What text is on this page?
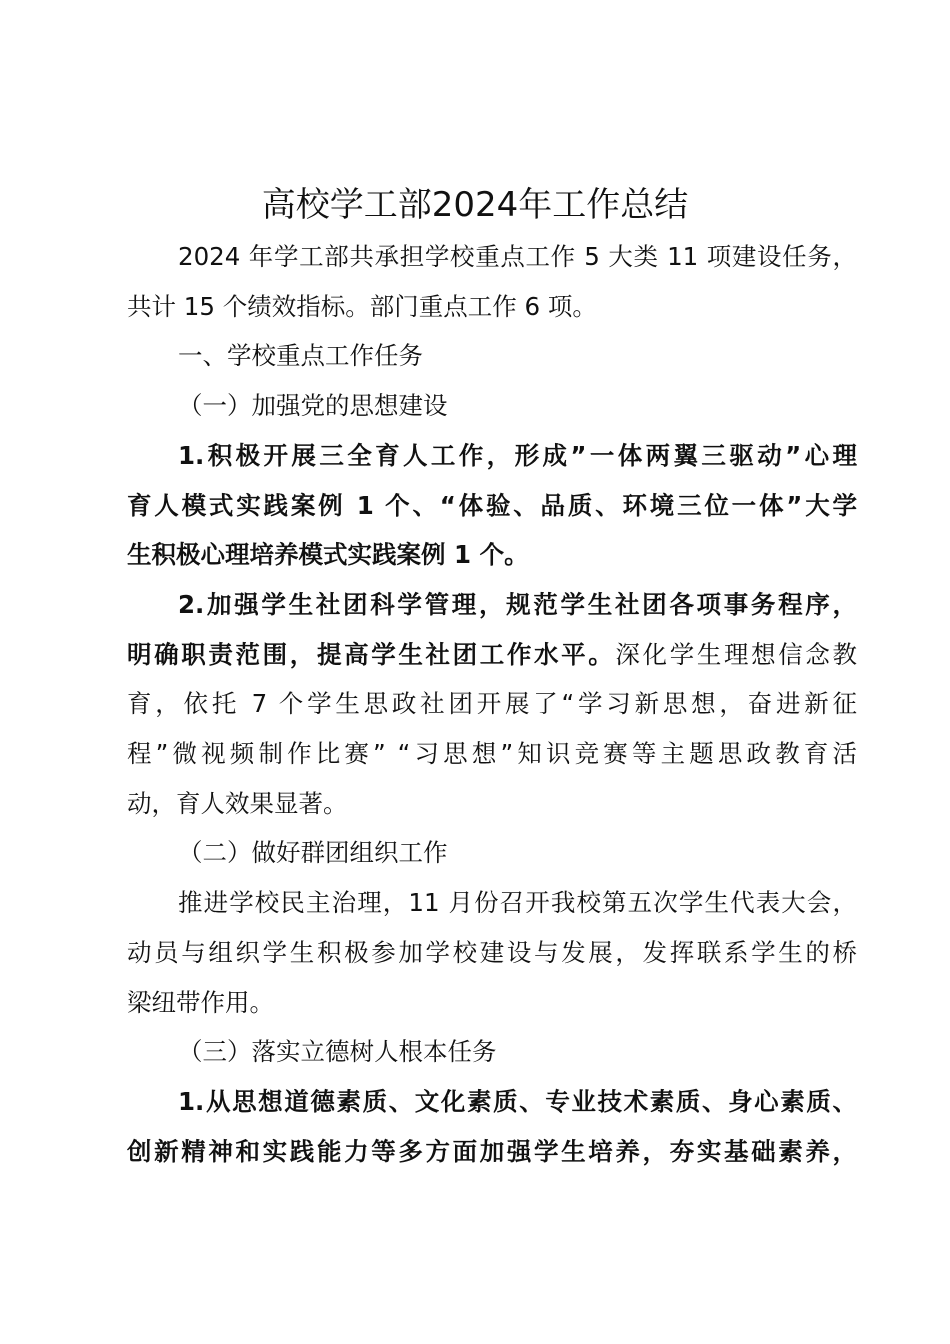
高校学工部2024年工作总结

2024 年学工部共承担学校重点工作 5 大类 11 项建设任务，
共计 15 个绩效指标。部门重点工作 6 项。

一、学校重点工作任务

（一）加强党的思想建设

1.积极开展三全育人工作，形成”一体两翼三驱动”心理
育人模式实践案例 1 个、“体验、品质、环境三位一体”大学
生积极心理培养模式实践案例 1 个。

2.加强学生社团科学管理，规范学生社团各项事务程序，
明确职责范围，提高学生社团工作水平。深化学生理想信念教
育，依托 7 个学生思政社团开展了“学习新思想，奋进新征
程”微视频制作比赛” “习思想”知识竞赛等主题思政教育活
动，育人效果显著。

（二）做好群团组织工作

推进学校民主治理，11 月份召开我校第五次学生代表大会，
动员与组织学生积极参加学校建设与发展，发挥联系学生的桥
梁纽带作用。

（三）落实立德树人根本任务

1.从思想道德素质、文化素质、专业技术素质、身心素质、
创新精神和实践能力等多方面加强学生培养，夯实基础素养，
